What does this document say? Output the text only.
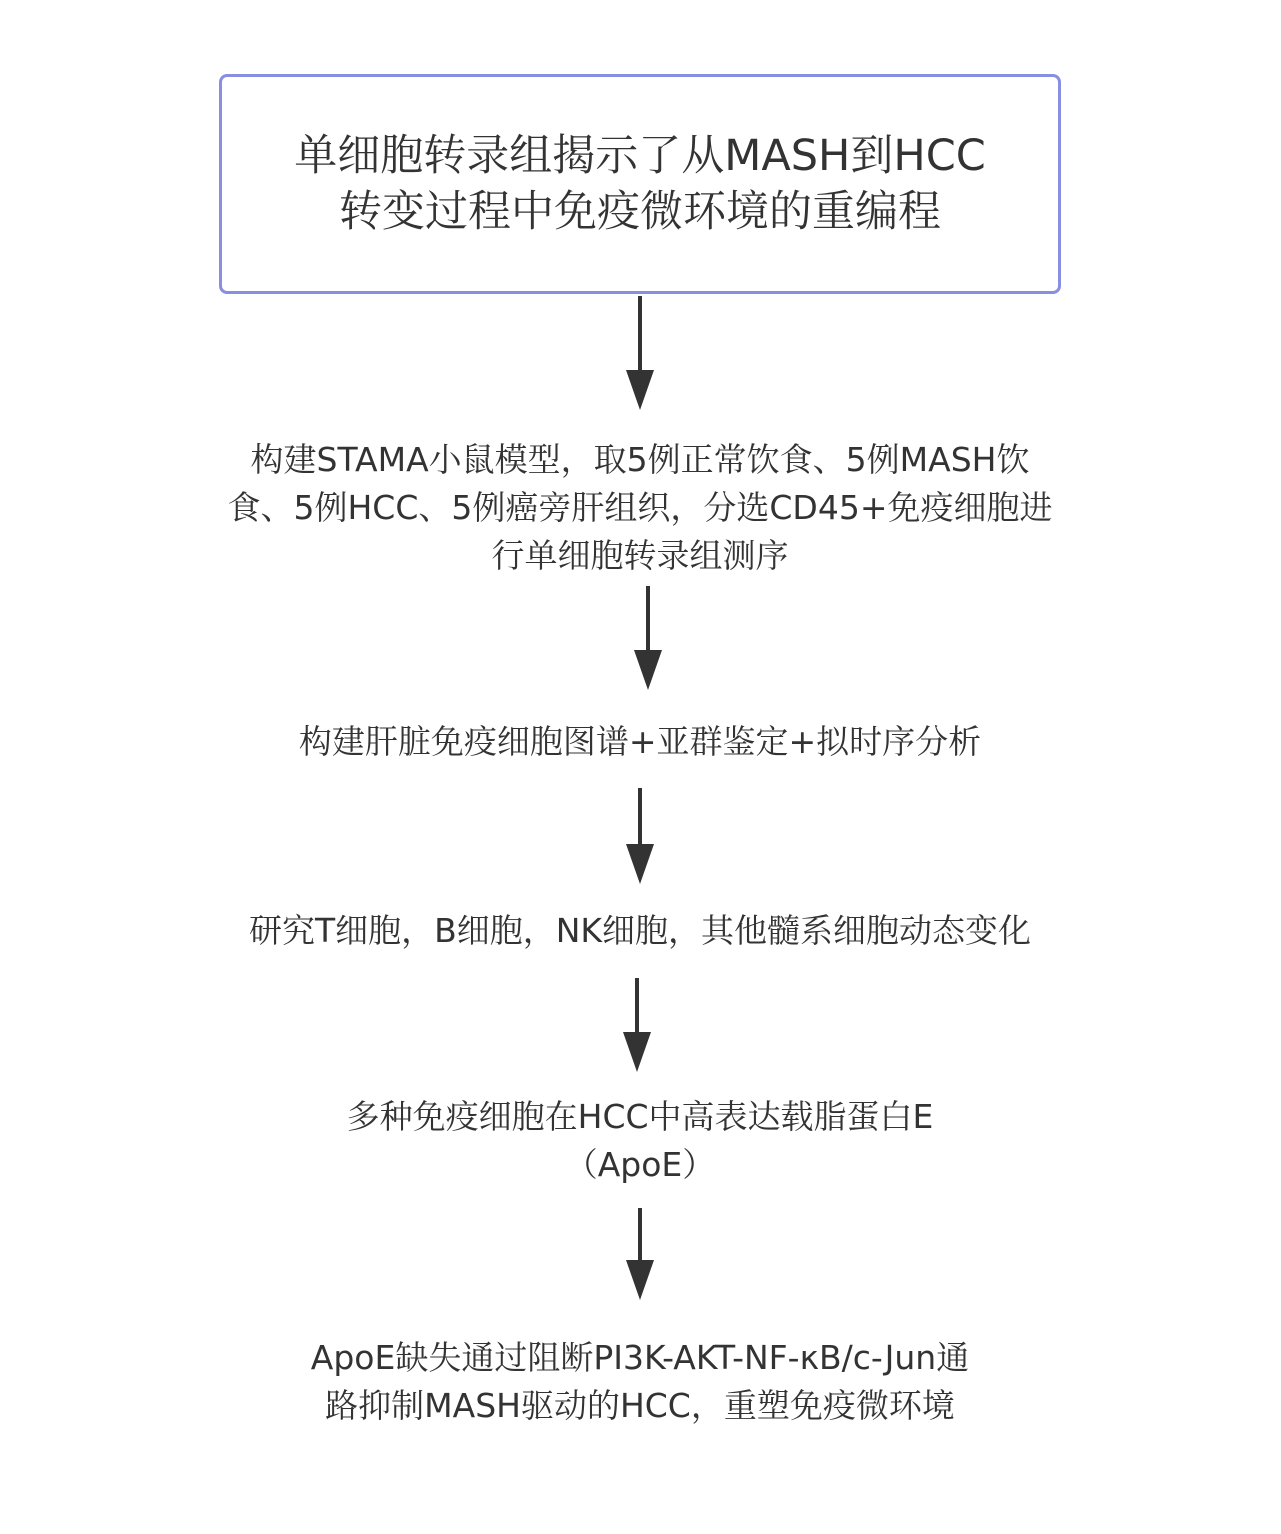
单细胞转录组揭示了从MASH到HCC
转变过程中免疫微环境的重编程
构建STAMA小鼠模型，取5例正常饮食、5例MASH饮
食、5例HCC、5例癌旁肝组织，分选CD45+免疫细胞进
行单细胞转录组测序
构建肝脏免疫细胞图谱+亚群鉴定+拟时序分析
研究T细胞，B细胞，NK细胞，其他髓系细胞动态变化
多种免疫细胞在HCC中高表达载脂蛋白E
（ApoE）
ApoE缺失通过阻断PI3K-AKT-NF-κB/c-Jun通
路抑制MASH驱动的HCC，重塑免疫微环境
